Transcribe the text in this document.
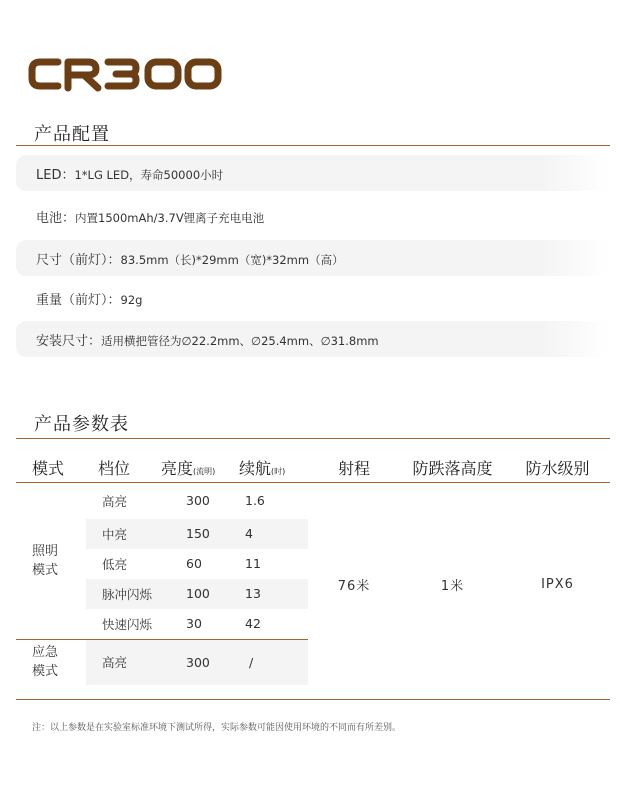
产品配置
LED：1*LG LED，寿命50000小时
电池：内置1500mAh/3.7V锂离子充电电池
尺寸（前灯）：83.5mm（长)*29mm（宽)*32mm（高）
重量（前灯）：92g
安装尺寸：适用横把管径为∅22.2mm、∅25.4mm、∅31.8mm
产品参数表
模式	档位	亮度(流明)	续航(时)	射程	防跌落高度	防水级别
照明
模式	高亮	300	1.6	76米	1米	IPX6
	中亮	150	4			
	低亮	60	11			
	脉冲闪烁	100	13			
	快速闪烁	30	42			
应急
模式	高亮	300	/			

注：以上参数是在实验室标准环境下测试所得，实际参数可能因使用环境的不同而有所差别。
